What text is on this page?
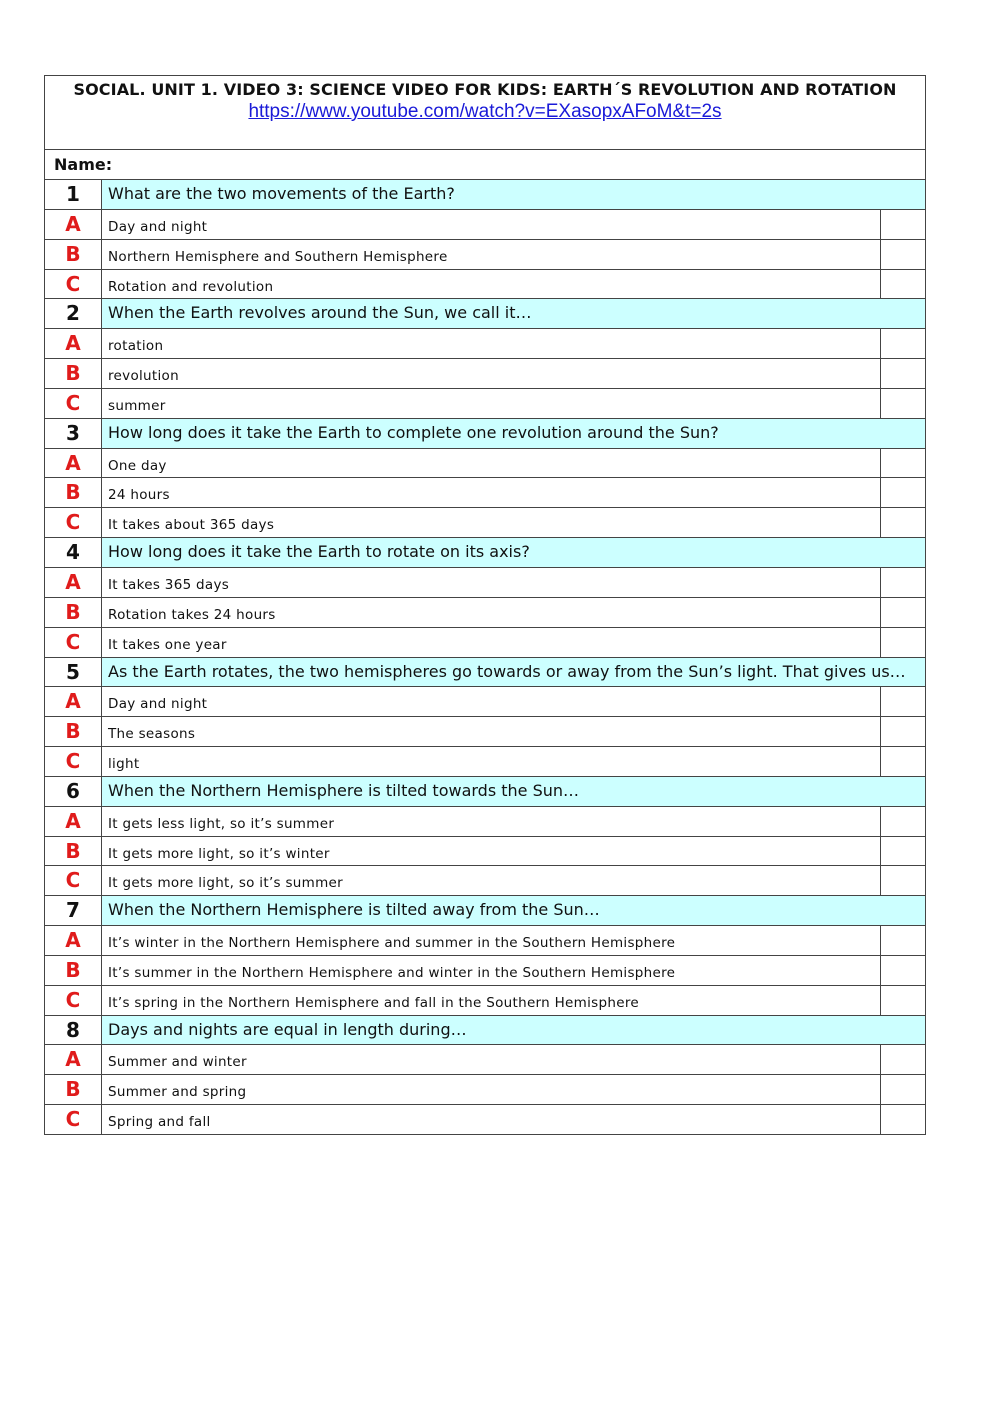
SOCIAL. UNIT 1. VIDEO 3: SCIENCE VIDEO FOR KIDS: EARTH´S REVOLUTION AND ROTATION
https://www.youtube.com/watch?v=EXasopxAFoM&t=2s
Name:
1	What are the two movements of the Earth?
A	Day and night
B	Northern Hemisphere and Southern Hemisphere
C	Rotation and revolution
2	When the Earth revolves around the Sun, we call it…
A	rotation
B	revolution
C	summer
3	How long does it take the Earth to complete one revolution around the Sun?
A	One day
B	24 hours
C	It takes about 365 days
4	How long does it take the Earth to rotate on its axis?
A	It takes 365 days
B	Rotation takes 24 hours
C	It takes one year
5	As the Earth rotates, the two hemispheres go towards or away from the Sun’s light. That gives us…
A	Day and night
B	The seasons
C	light
6	When the Northern Hemisphere is tilted towards the Sun…
A	It gets less light, so it’s summer
B	It gets more light, so it’s winter
C	It gets more light, so it’s summer
7	When the Northern Hemisphere is tilted away from the Sun…
A	It’s winter in the Northern Hemisphere and summer in the Southern Hemisphere
B	It’s summer in the Northern Hemisphere and winter in the Southern Hemisphere
C	It’s spring in the Northern Hemisphere and fall in the Southern Hemisphere
8	Days and nights are equal in length during…
A	Summer and winter
B	Summer and spring
C	Spring and fall
